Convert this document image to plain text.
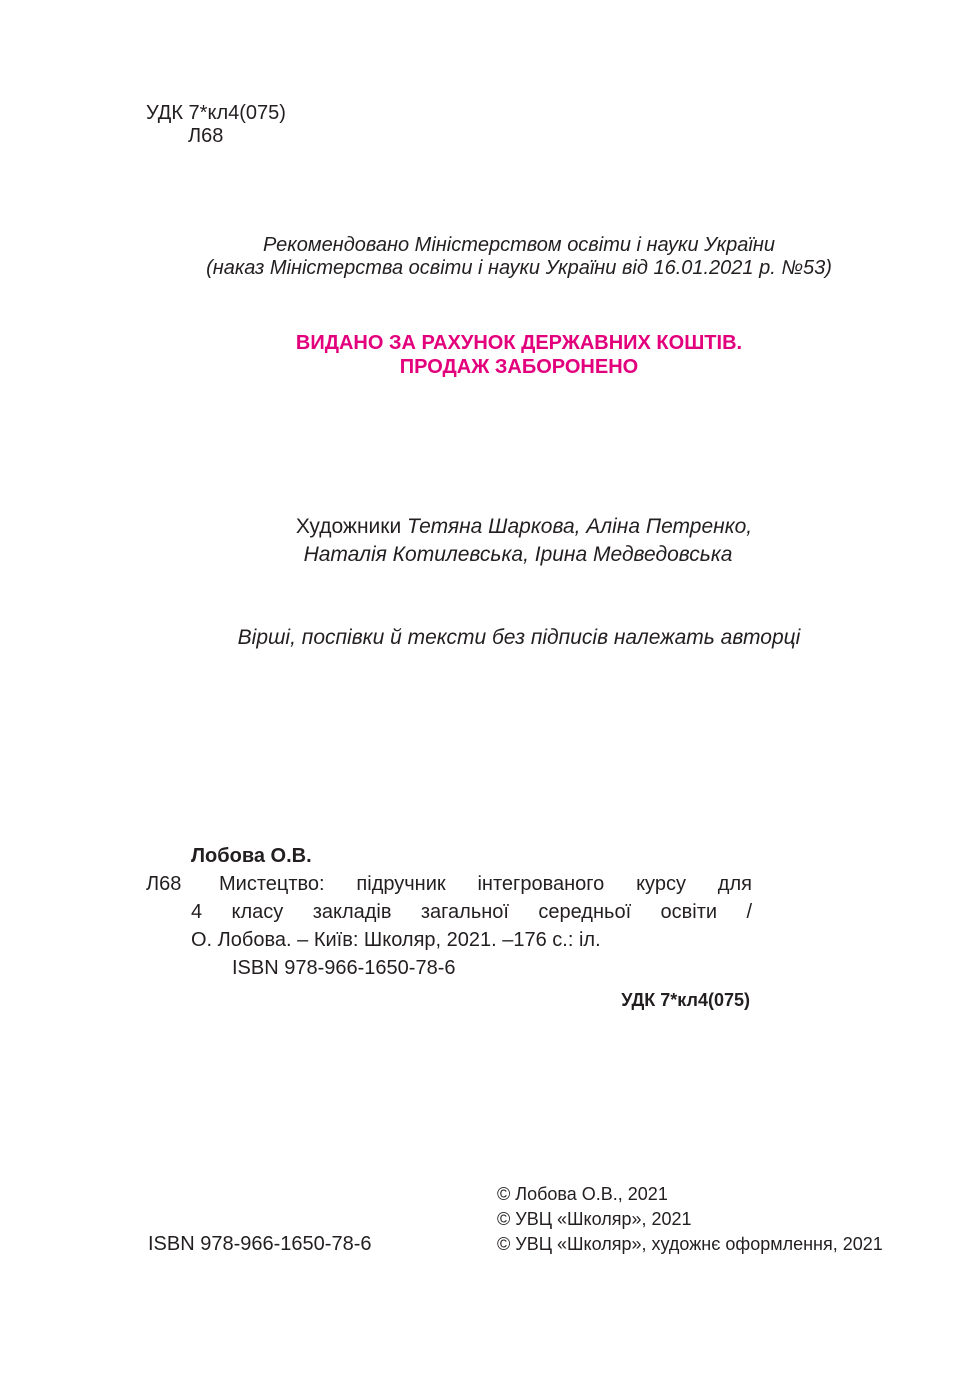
УДК 7*кл4(075)
Л68
Рекомендовано Міністерством освіти і науки України
(наказ Міністерства освіти і науки України від 16.01.2021 р. №53)
ВИДАНО ЗА РАХУНОК ДЕРЖАВНИХ КОШТІВ.
ПРОДАЖ ЗАБОРОНЕНО
Художники Тетяна Шаркова, Аліна Петренко,
Наталія Котилевська, Ірина Медведовська
Вірші, поспівки й тексти без підписів належать авторці
Лобова О.В.
Л68 Мистецтво: підручник інтегрованого курсу для
4 класу закладів загальної середньої освіти /
О. Лобова. – Київ: Школяр, 2021. –176 с.: іл.
ISBN 978-966-1650-78-6
УДК 7*кл4(075)
ISBN 978-966-1650-78-6
© Лобова О.В., 2021
© УВЦ «Школяр», 2021
© УВЦ «Школяр», художнє оформлення, 2021
